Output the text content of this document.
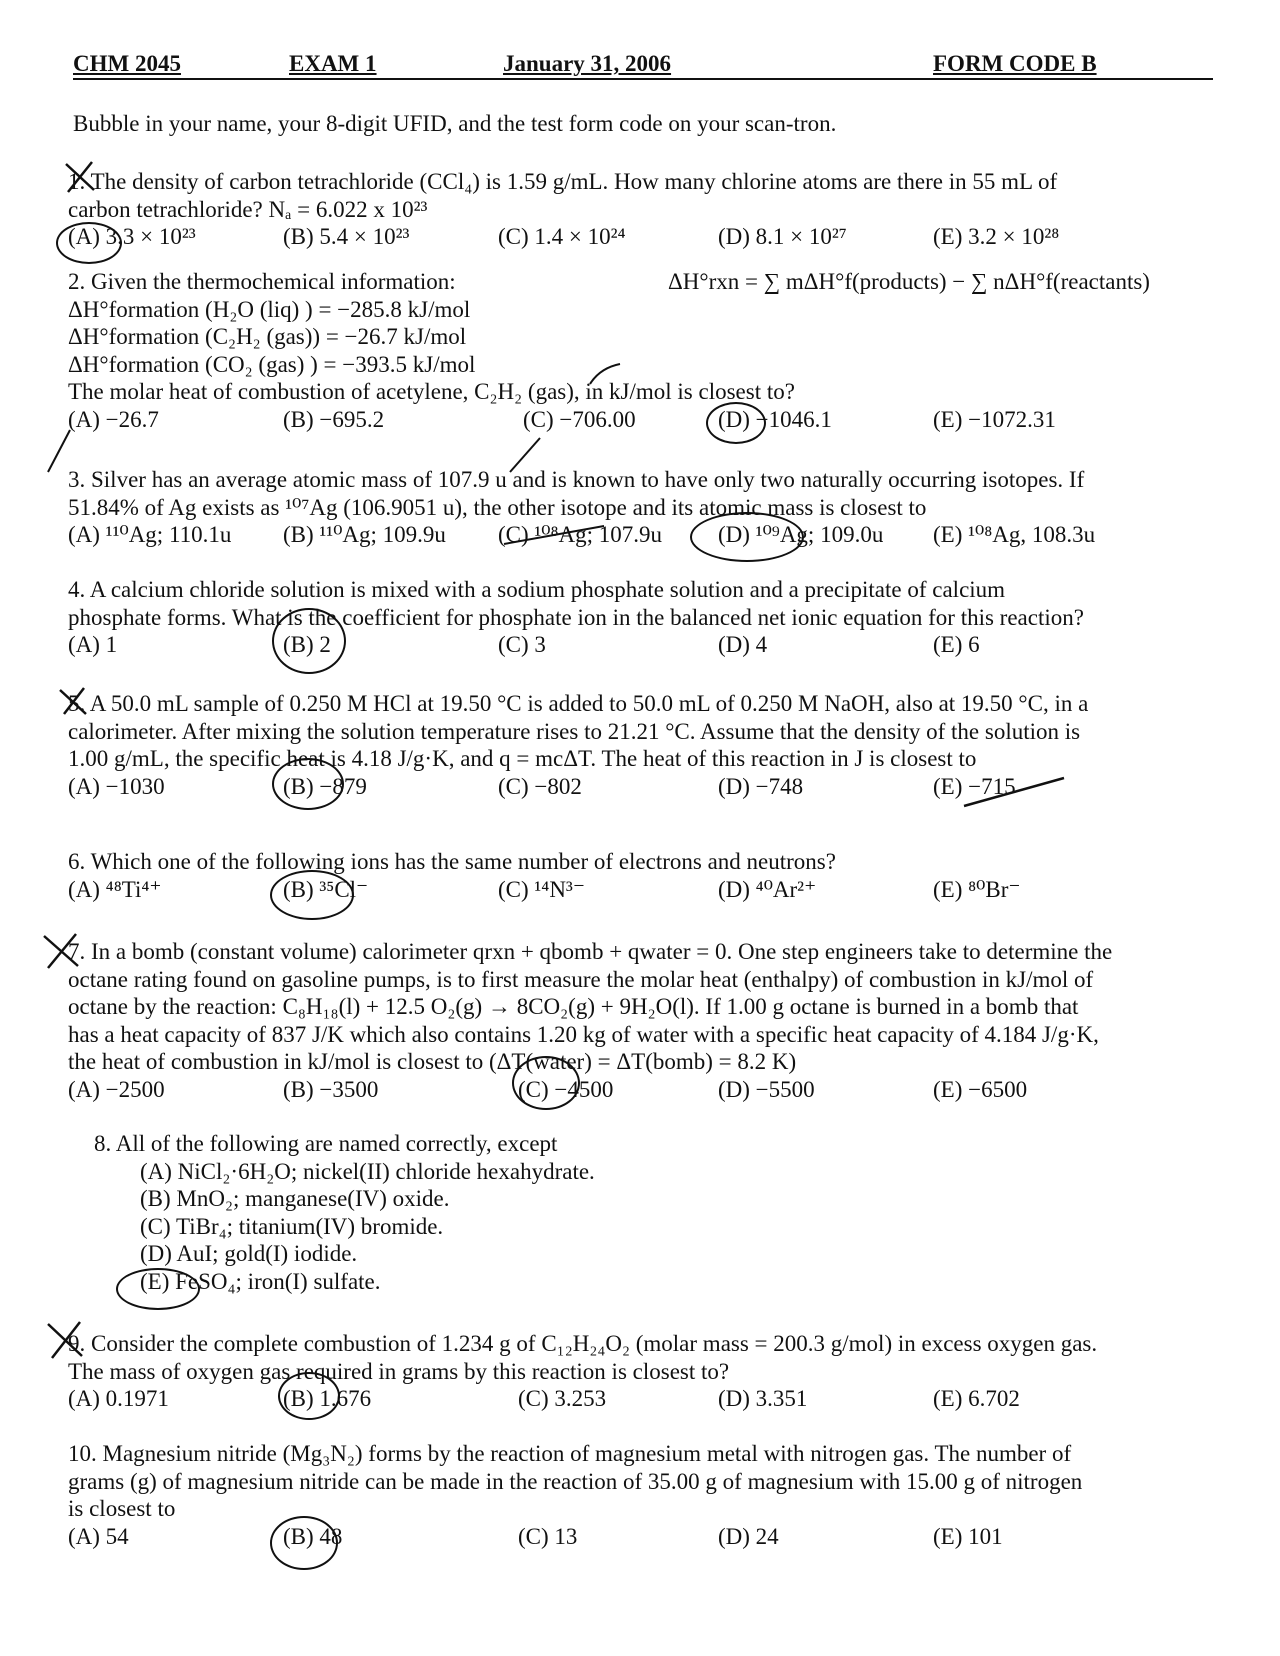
CHM 2045	EXAM 1	January 31, 2006	FORM CODE B
Bubble in your name, your 8-digit UFID, and the test form code on your scan-tron.
1. The density of carbon tetrachloride (CCl₄) is 1.59 g/mL. How many chlorine atoms are there in 55 mL of
carbon tetrachloride? Nₐ = 6.022 x 10²³
(A) 3.3 × 10²³	(B) 5.4 × 10²³	(C) 1.4 × 10²⁴	(D) 8.1 × 10²⁷	(E) 3.2 × 10²⁸
2. Given the thermochemical information:
ΔH°formation (H₂O (liq) ) = −285.8 kJ/mol
ΔH°formation (C₂H₂ (gas)) = −26.7 kJ/mol
ΔH°formation (CO₂ (gas) ) = −393.5 kJ/mol
The molar heat of combustion of acetylene, C₂H₂ (gas), in kJ/mol is closest to?
(A) −26.7	(B) −695.2	(C) −706.00	(D) −1046.1	(E) −1072.31
ΔH°rxn = ∑ mΔH°f(products) − ∑ nΔH°f(reactants)
3. Silver has an average atomic mass of 107.9 u and is known to have only two naturally occurring isotopes. If
51.84% of Ag exists as ¹⁰⁷Ag (106.9051 u), the other isotope and its atomic mass is closest to
(A) ¹¹⁰Ag; 110.1u (B) ¹¹⁰Ag; 109.9u (C) ¹⁰⁸Ag; 107.9u (D) ¹⁰⁹Ag; 109.0u (E) ¹⁰⁸Ag, 108.3u
4. A calcium chloride solution is mixed with a sodium phosphate solution and a precipitate of calcium
phosphate forms. What is the coefficient for phosphate ion in the balanced net ionic equation for this reaction?
(A) 1	(B) 2	(C) 3	(D) 4	(E) 6
5. A 50.0 mL sample of 0.250 M HCl at 19.50 °C is added to 50.0 mL of 0.250 M NaOH, also at 19.50 °C, in a
calorimeter. After mixing the solution temperature rises to 21.21 °C. Assume that the density of the solution is
1.00 g/mL, the specific heat is 4.18 J/g·K, and q = mcΔT. The heat of this reaction in J is closest to
(A) −1030	(B) −879	(C) −802	(D) −748	(E) −715
6. Which one of the following ions has the same number of electrons and neutrons?
(A) ⁴⁸Ti⁴⁺	(B) ³⁵Cl⁻	(C) ¹⁴N³⁻	(D) ⁴⁰Ar²⁺	(E) ⁸⁰Br⁻
7. In a bomb (constant volume) calorimeter qrxn + qbomb + qwater = 0. One step engineers take to determine the
octane rating found on gasoline pumps, is to first measure the molar heat (enthalpy) of combustion in kJ/mol of
octane by the reaction: C₈H₁₈(l) + 12.5 O₂(g) → 8CO₂(g) + 9H₂O(l). If 1.00 g octane is burned in a bomb that
has a heat capacity of 837 J/K which also contains 1.20 kg of water with a specific heat capacity of 4.184 J/g·K,
the heat of combustion in kJ/mol is closest to (ΔT(water) = ΔT(bomb) = 8.2 K)
(A) −2500	(B) −3500	(C) −4500	(D) −5500	(E) −6500
8. All of the following are named correctly, except
(A) NiCl₂·6H₂O; nickel(II) chloride hexahydrate.
(B) MnO₂; manganese(IV) oxide.
(C) TiBr₄; titanium(IV) bromide.
(D) AuI; gold(I) iodide.
(E) FeSO₄; iron(I) sulfate.
9. Consider the complete combustion of 1.234 g of C₁₂H₂₄O₂ (molar mass = 200.3 g/mol) in excess oxygen gas.
The mass of oxygen gas required in grams by this reaction is closest to?
(A) 0.1971	(B) 1.676	(C) 3.253	(D) 3.351	(E) 6.702
10. Magnesium nitride (Mg₃N₂) forms by the reaction of magnesium metal with nitrogen gas. The number of
grams (g) of magnesium nitride can be made in the reaction of 35.00 g of magnesium with 15.00 g of nitrogen
is closest to
(A) 54	(B) 48	(C) 13	(D) 24	(E) 101
